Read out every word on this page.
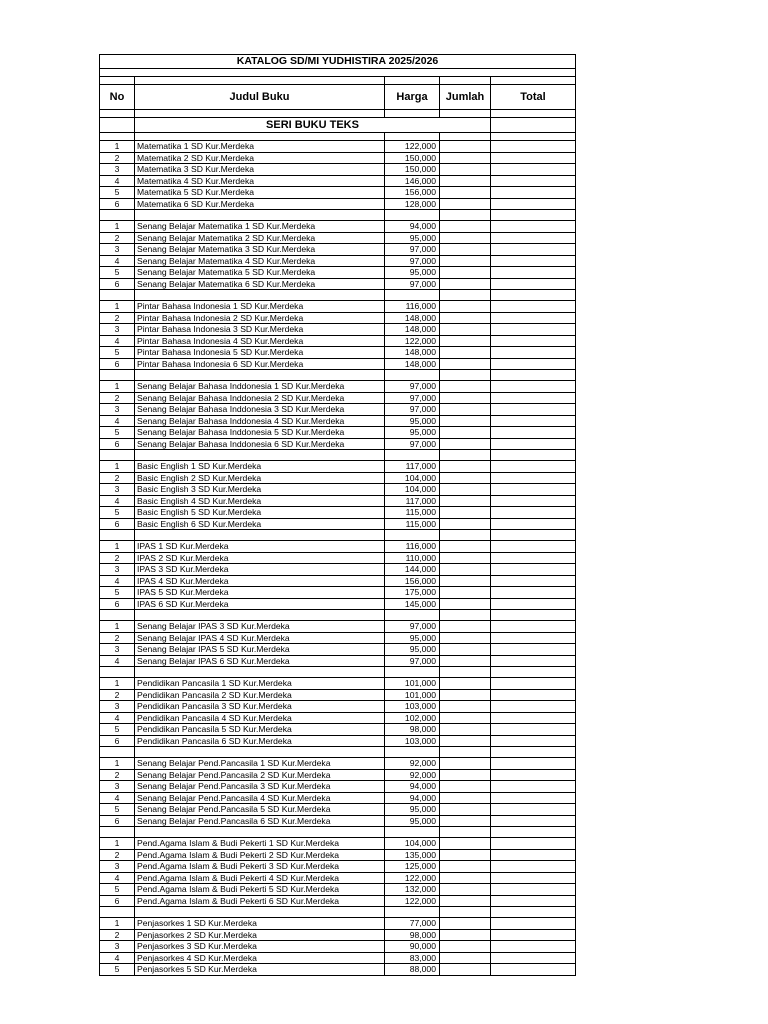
KATALOG SD/MI YUDHISTIRA 2025/2026				

No	Judul Buku	Harga	Jumlah	Total

	SERI BUKU TEKS			

1	Matematika 1 SD Kur.Merdeka	122,000		
2	Matematika 2 SD Kur.Merdeka	150,000		
3	Matematika 3 SD Kur.Merdeka	150,000		
4	Matematika 4 SD Kur.Merdeka	146,000		
5	Matematika 5 SD Kur.Merdeka	156,000		
6	Matematika 6 SD Kur.Merdeka	128,000		

1	Senang Belajar Matematika 1 SD Kur.Merdeka	94,000		
2	Senang Belajar Matematika 2 SD Kur.Merdeka	95,000		
3	Senang Belajar Matematika 3 SD Kur.Merdeka	97,000		
4	Senang Belajar Matematika 4 SD Kur.Merdeka	97,000		
5	Senang Belajar Matematika 5 SD Kur.Merdeka	95,000		
6	Senang Belajar Matematika 6 SD Kur.Merdeka	97,000		

1	Pintar Bahasa Indonesia 1 SD Kur.Merdeka	116,000		
2	Pintar Bahasa Indonesia 2 SD Kur.Merdeka	148,000		
3	Pintar Bahasa Indonesia 3 SD Kur.Merdeka	148,000		
4	Pintar Bahasa Indonesia 4 SD Kur.Merdeka	122,000		
5	Pintar Bahasa Indonesia 5 SD Kur.Merdeka	148,000		
6	Pintar Bahasa Indonesia 6 SD Kur.Merdeka	148,000		

1	Senang Belajar Bahasa Inddonesia 1 SD Kur.Merdeka	97,000		
2	Senang Belajar Bahasa Inddonesia 2 SD Kur.Merdeka	97,000		
3	Senang Belajar Bahasa Inddonesia 3 SD Kur.Merdeka	97,000		
4	Senang Belajar Bahasa Inddonesia 4 SD Kur.Merdeka	95,000		
5	Senang Belajar Bahasa Inddonesia 5 SD Kur.Merdeka	95,000		
6	Senang Belajar Bahasa Inddonesia 6 SD Kur.Merdeka	97,000		

1	Basic English 1 SD Kur.Merdeka	117,000		
2	Basic English 2 SD Kur.Merdeka	104,000		
3	Basic English 3 SD Kur.Merdeka	104,000		
4	Basic English 4 SD Kur.Merdeka	117,000		
5	Basic English 5 SD Kur.Merdeka	115,000		
6	Basic English 6 SD Kur.Merdeka	115,000		

1	IPAS 1 SD Kur.Merdeka	116,000		
2	IPAS 2 SD Kur.Merdeka	110,000		
3	IPAS 3 SD Kur.Merdeka	144,000		
4	IPAS 4 SD Kur.Merdeka	156,000		
5	IPAS 5 SD Kur.Merdeka	175,000		
6	IPAS 6 SD Kur.Merdeka	145,000		

1	Senang Belajar IPAS 3 SD Kur.Merdeka	97,000		
2	Senang Belajar IPAS 4 SD Kur.Merdeka	95,000		
3	Senang Belajar IPAS 5 SD Kur.Merdeka	95,000		
4	Senang Belajar IPAS 6 SD Kur.Merdeka	97,000		

1	Pendidikan Pancasila 1 SD Kur.Merdeka	101,000		
2	Pendidikan Pancasila 2 SD Kur.Merdeka	101,000		
3	Pendidikan Pancasila 3 SD Kur.Merdeka	103,000		
4	Pendidikan Pancasila 4 SD Kur.Merdeka	102,000		
5	Pendidikan Pancasila 5 SD Kur.Merdeka	98,000		
6	Pendidikan Pancasila 6 SD Kur.Merdeka	103,000		

1	Senang Belajar Pend.Pancasila 1 SD Kur.Merdeka	92,000		
2	Senang Belajar Pend.Pancasila 2 SD Kur.Merdeka	92,000		
3	Senang Belajar Pend.Pancasila 3 SD Kur.Merdeka	94,000		
4	Senang Belajar Pend.Pancasila 4 SD Kur.Merdeka	94,000		
5	Senang Belajar Pend.Pancasila 5 SD Kur.Merdeka	95,000		
6	Senang Belajar Pend.Pancasila 6 SD Kur.Merdeka	95,000		

1	Pend.Agama Islam & Budi Pekerti 1 SD Kur.Merdeka	104,000		
2	Pend.Agama Islam & Budi Pekerti 2 SD Kur.Merdeka	135,000		
3	Pend.Agama Islam & Budi Pekerti 3 SD Kur.Merdeka	125,000		
4	Pend.Agama Islam & Budi Pekerti 4 SD Kur.Merdeka	122,000		
5	Pend.Agama Islam & Budi Pekerti 5 SD Kur.Merdeka	132,000		
6	Pend.Agama Islam & Budi Pekerti 6 SD Kur.Merdeka	122,000		

1	Penjasorkes 1 SD Kur.Merdeka	77,000		
2	Penjasorkes 2 SD Kur.Merdeka	98,000		
3	Penjasorkes 3 SD Kur.Merdeka	90,000		
4	Penjasorkes 4 SD Kur.Merdeka	83,000		
5	Penjasorkes 5 SD Kur.Merdeka	88,000		
